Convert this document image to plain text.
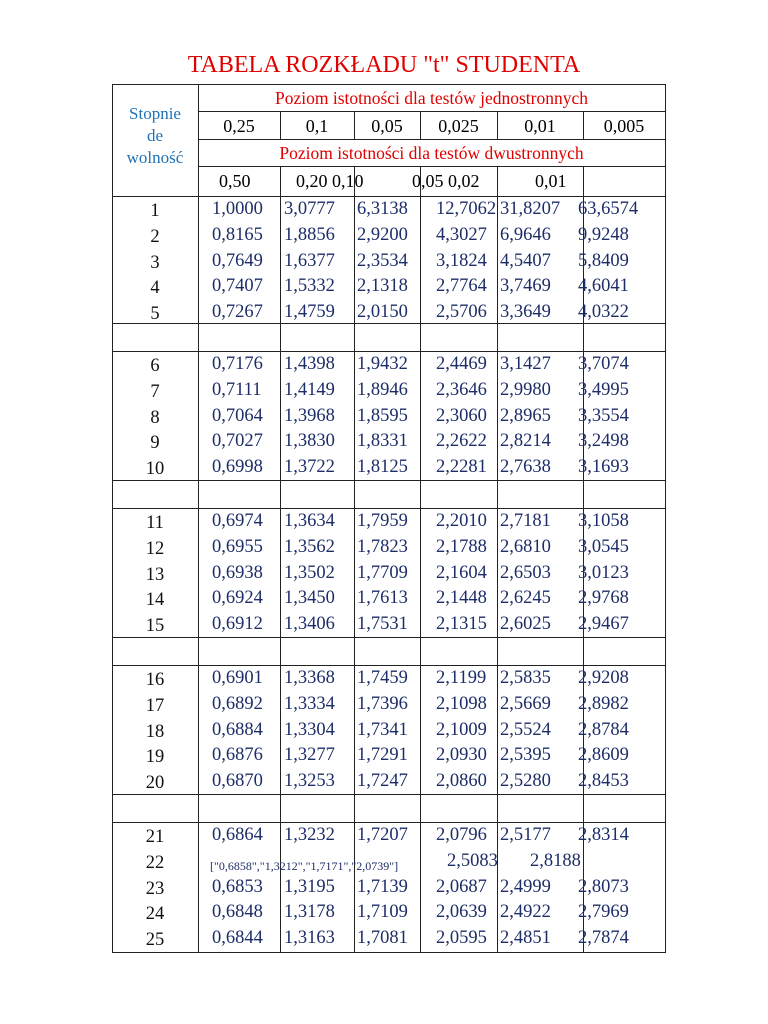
TABELA ROZKŁADU "t" STUDENTA
Stopnie
de
wolność
Poziom istotności dla testów jednostronnych
Poziom istotności dla testów dwustronnych
0,25	0,1	0,05	0,025	0,01	0,005
0,50	0,20 0,10	0,05 0,02	0,01
1	1,0000 3,0777 6,3138 12,7062 31,8207 63,6574
2	0,8165 1,8856 2,9200 4,3027 6,9646 9,9248
3	0,7649 1,6377 2,3534 3,1824 4,5407 5,8409
4	0,7407 1,5332 2,1318 2,7764 3,7469 4,6041
5	0,7267 1,4759 2,0150 2,5706 3,3649 4,0322
6	0,7176 1,4398 1,9432 2,4469 3,1427 3,7074
7	0,7111 1,4149 1,8946 2,3646 2,9980 3,4995
8	0,7064 1,3968 1,8595 2,3060 2,8965 3,3554
9	0,7027 1,3830 1,8331 2,2622 2,8214 3,2498
10	0,6998 1,3722 1,8125 2,2281 2,7638 3,1693
11	0,6974 1,3634 1,7959 2,2010 2,7181 3,1058
12	0,6955 1,3562 1,7823 2,1788 2,6810 3,0545
13	0,6938 1,3502 1,7709 2,1604 2,6503 3,0123
14	0,6924 1,3450 1,7613 2,1448 2,6245 2,9768
15	0,6912 1,3406 1,7531 2,1315 2,6025 2,9467
16	0,6901 1,3368 1,7459 2,1199 2,5835 2,9208
17	0,6892 1,3334 1,7396 2,1098 2,5669 2,8982
18	0,6884 1,3304 1,7341 2,1009 2,5524 2,8784
19	0,6876 1,3277 1,7291 2,0930 2,5395 2,8609
20	0,6870 1,3253 1,7247 2,0860 2,5280 2,8453
21	0,6864 1,3232 1,7207 2,0796 2,5177 2,8314
22	["0,6858","1,3212","1,7171","2,0739"]	2,5083 2,8188
23	0,6853 1,3195 1,7139 2,0687 2,4999 2,8073
24	0,6848 1,3178 1,7109 2,0639 2,4922 2,7969
25	0,6844 1,3163 1,7081 2,0595 2,4851 2,7874
